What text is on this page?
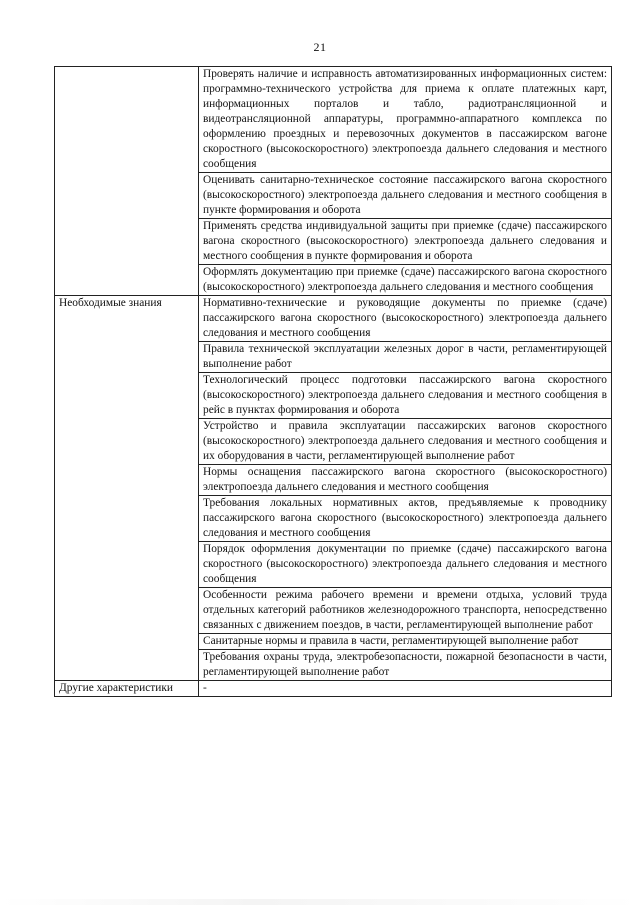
21
	Проверять наличие и исправность автоматизированных информационных систем: программно-технического устройства для приема к оплате платежных карт, информационных порталов и табло, радиотрансляционной и видеотрансляционной аппаратуры, программно-аппаратного комплекса по оформлению проездных и перевозочных документов в пассажирском вагоне скоростного (высокоскоростного) электропоезда дальнего следования и местного сообщения
	Оценивать санитарно-техническое состояние пассажирского вагона скоростного (высокоскоростного) электропоезда дальнего следования и местного сообщения в пункте формирования и оборота
	Применять средства индивидуальной защиты при приемке (сдаче) пассажирского вагона скоростного (высокоскоростного) электропоезда дальнего следования и местного сообщения в пункте формирования и оборота
	Оформлять документацию при приемке (сдаче) пассажирского вагона скоростного (высокоскоростного) электропоезда дальнего следования и местного сообщения
Необходимые знания	Нормативно-технические и руководящие документы по приемке (сдаче) пассажирского вагона скоростного (высокоскоростного) электропоезда дальнего следования и местного сообщения
	Правила технической эксплуатации железных дорог в части, регламентирующей выполнение работ
	Технологический процесс подготовки пассажирского вагона скоростного (высокоскоростного) электропоезда дальнего следования и местного сообщения в рейс в пунктах формирования и оборота
	Устройство и правила эксплуатации пассажирских вагонов скоростного (высокоскоростного) электропоезда дальнего следования и местного сообщения и их оборудования в части, регламентирующей выполнение работ
	Нормы оснащения пассажирского вагона скоростного (высокоскоростного) электропоезда дальнего следования и местного сообщения
	Требования локальных нормативных актов, предъявляемые к проводнику пассажирского вагона скоростного (высокоскоростного) электропоезда дальнего следования и местного сообщения
	Порядок оформления документации по приемке (сдаче) пассажирского вагона скоростного (высокоскоростного) электропоезда дальнего следования и местного сообщения
	Особенности режима рабочего времени и времени отдыха, условий труда отдельных категорий работников железнодорожного транспорта, непосредственно связанных с движением поездов, в части, регламентирующей выполнение работ
	Санитарные нормы и правила в части, регламентирующей выполнение работ
	Требования охраны труда, электробезопасности, пожарной безопасности в части, регламентирующей выполнение работ
Другие характеристики	-
